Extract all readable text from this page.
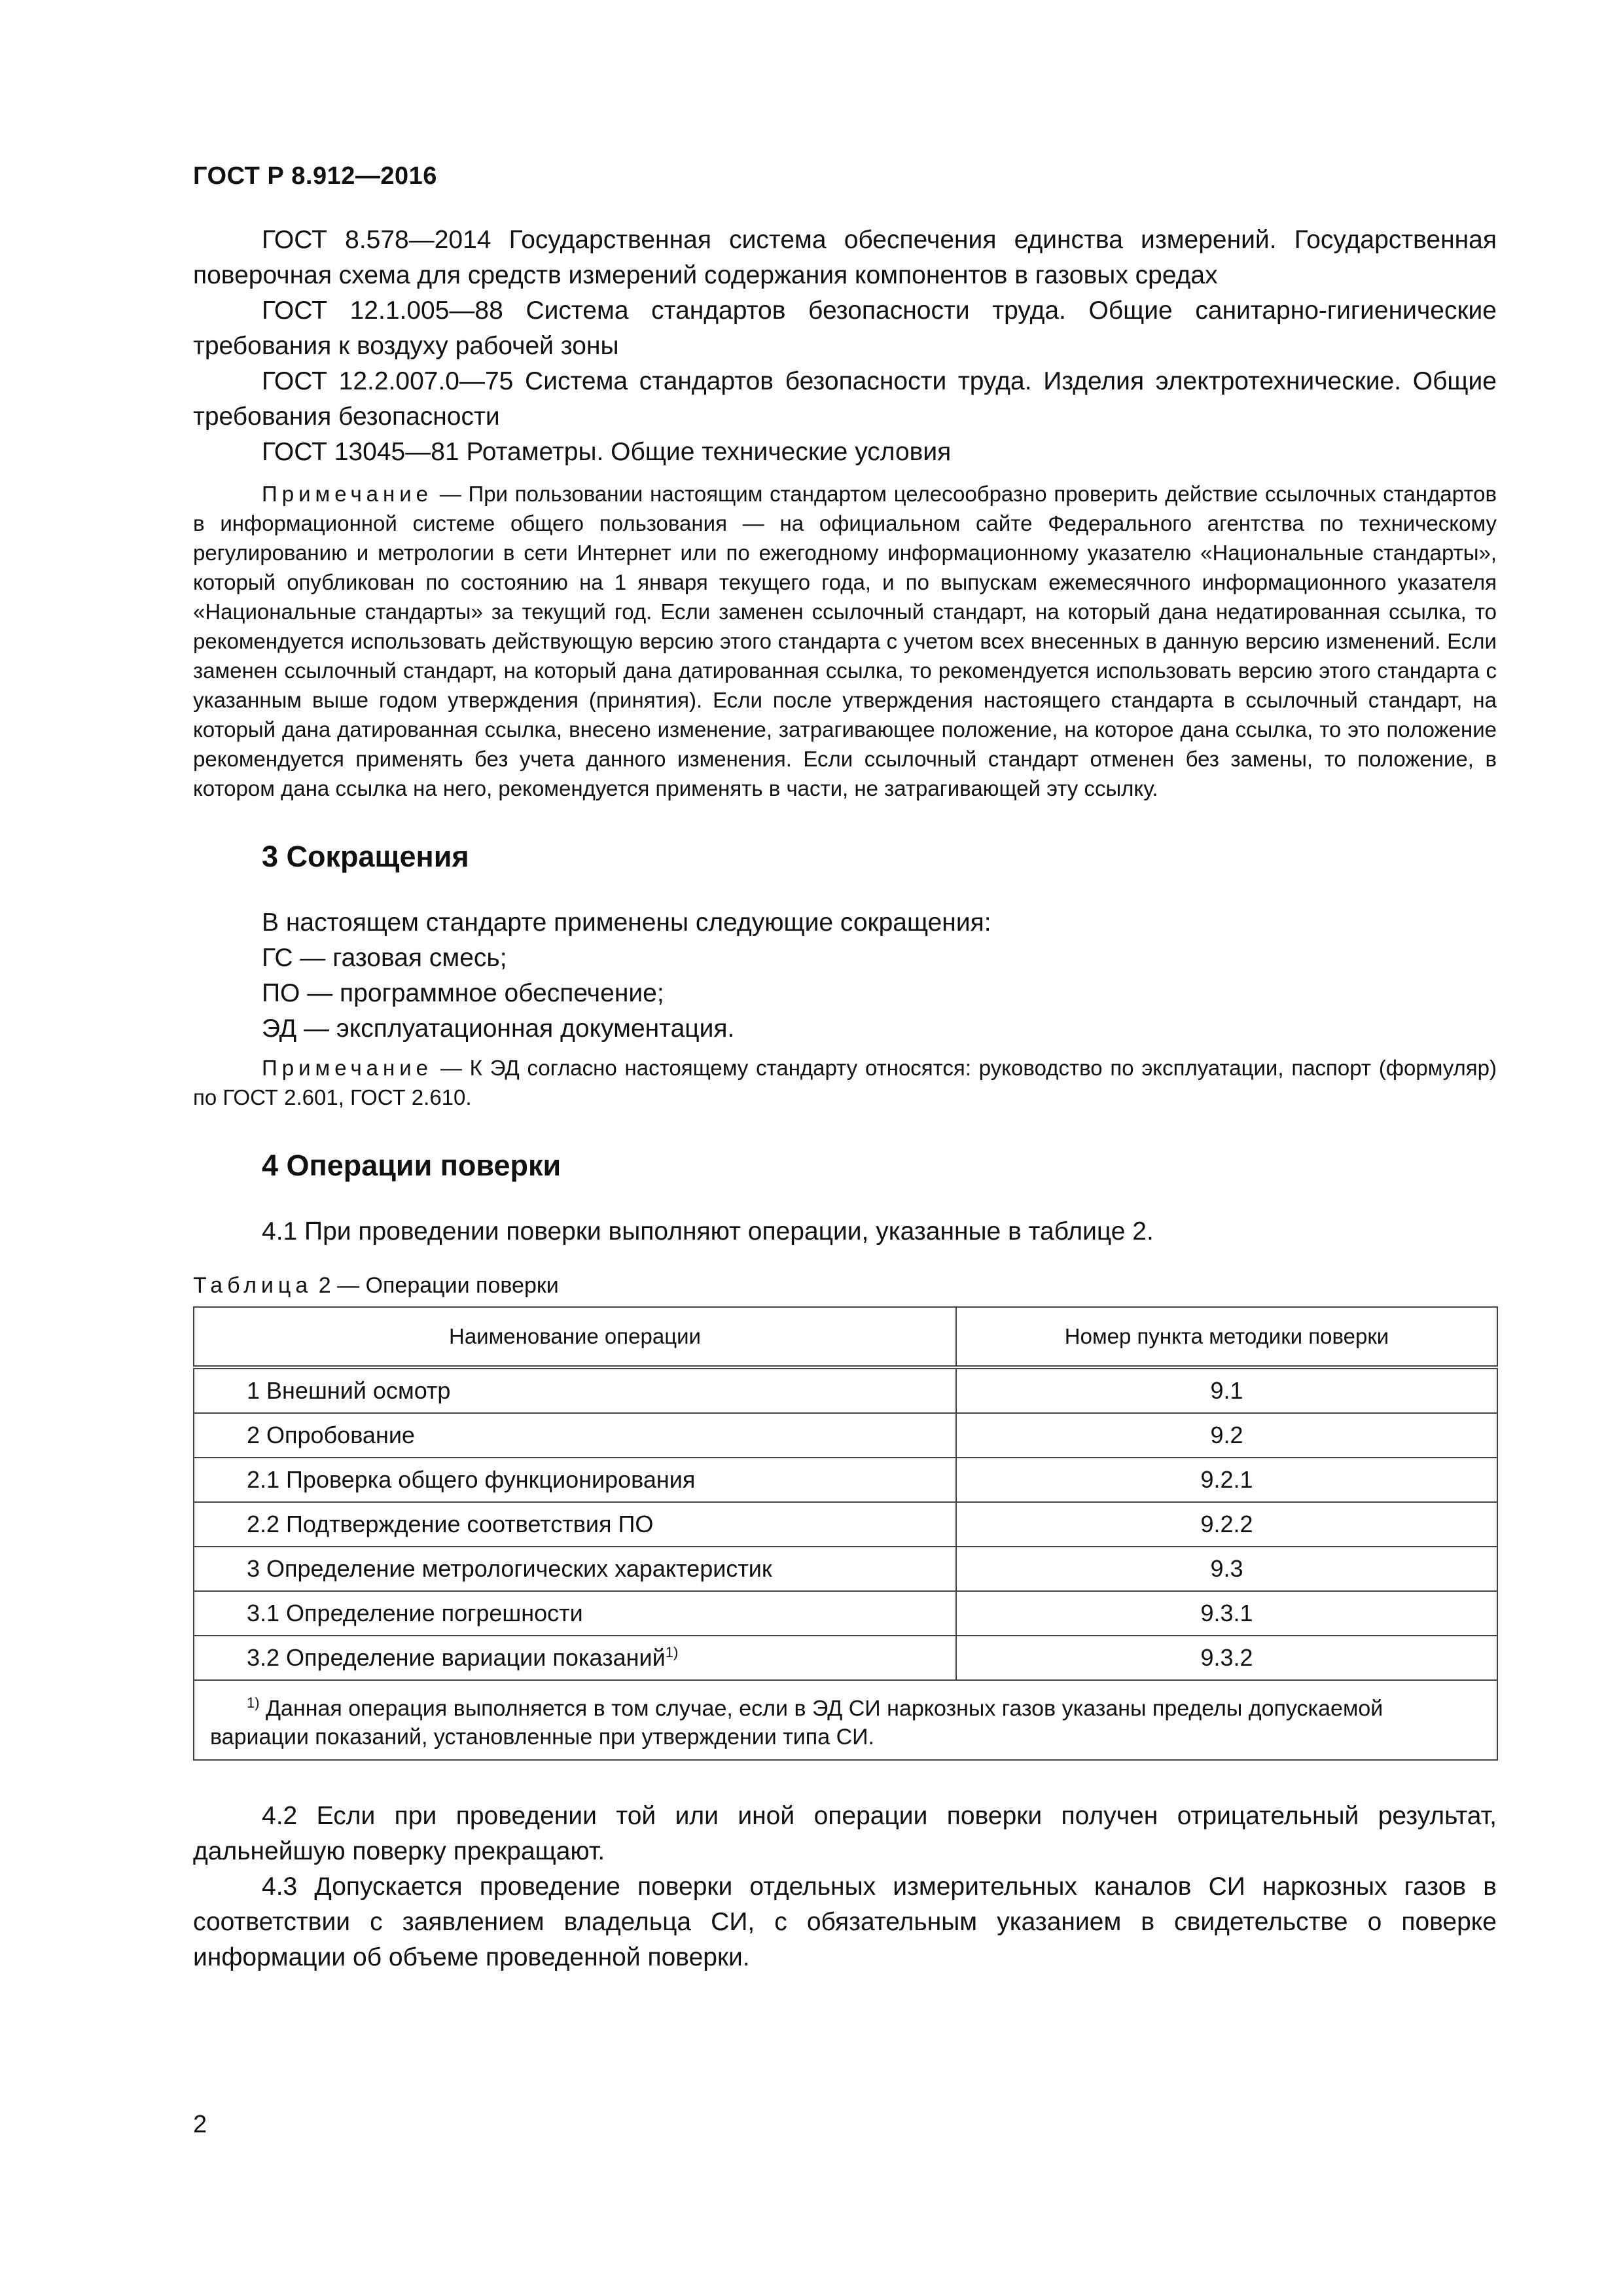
ГОСТ Р 8.912—2016

ГОСТ 8.578—2014 Государственная система обеспечения единства измерений. Государственная поверочная схема для средств измерений содержания компонентов в газовых средах

ГОСТ 12.1.005—88 Система стандартов безопасности труда. Общие санитарно-гигиенические требования к воздуху рабочей зоны

ГОСТ 12.2.007.0—75 Система стандартов безопасности труда. Изделия электротехнические. Общие требования безопасности

ГОСТ 13045—81 Ротаметры. Общие технические условия

Примечание — При пользовании настоящим стандартом целесообразно проверить действие ссылочных стандартов в информационной системе общего пользования — на официальном сайте Федерального агентства по техническому регулированию и метрологии в сети Интернет или по ежегодному информационному указателю «Национальные стандарты», который опубликован по состоянию на 1 января текущего года, и по выпускам ежемесячного информационного указателя «Национальные стандарты» за текущий год. Если заменен ссылочный стандарт, на который дана недатированная ссылка, то рекомендуется использовать действующую версию этого стандарта с учетом всех внесенных в данную версию изменений. Если заменен ссылочный стандарт, на который дана датированная ссылка, то рекомендуется использовать версию этого стандарта с указанным выше годом утверждения (принятия). Если после утверждения настоящего стандарта в ссылочный стандарт, на который дана датированная ссылка, внесено изменение, затрагивающее положение, на которое дана ссылка, то это положение рекомендуется применять без учета данного изменения. Если ссылочный стандарт отменен без замены, то положение, в котором дана ссылка на него, рекомендуется применять в части, не затрагивающей эту ссылку.

3 Сокращения

В настоящем стандарте применены следующие сокращения:

ГС — газовая смесь;

ПО — программное обеспечение;

ЭД — эксплуатационная документация.

Примечание — К ЭД согласно настоящему стандарту относятся: руководство по эксплуатации, паспорт (формуляр) по ГОСТ 2.601, ГОСТ 2.610.

4 Операции поверки

4.1 При проведении поверки выполняют операции, указанные в таблице 2.

Таблица 2 — Операции поверки

Наименование операции	Номер пункта методики поверки
1 Внешний осмотр	9.1
2 Опробование	9.2
2.1 Проверка общего функционирования	9.2.1
2.2 Подтверждение соответствия ПО	9.2.2
3 Определение метрологических характеристик	9.3
3.1 Определение погрешности	9.3.1
3.2 Определение вариации показаний$^{1)}$	9.3.2
$^{1)}$ Данная операция выполняется в том случае, если в ЭД СИ наркозных газов указаны пределы допускаемой вариации показаний, установленные при утверждении типа СИ.	

4.2 Если при проведении той или иной операции поверки получен отрицательный результат, дальнейшую поверку прекращают.

4.3 Допускается проведение поверки отдельных измерительных каналов СИ наркозных газов в соответствии с заявлением владельца СИ, с обязательным указанием в свидетельстве о поверке информации об объеме проведенной поверки.

2
